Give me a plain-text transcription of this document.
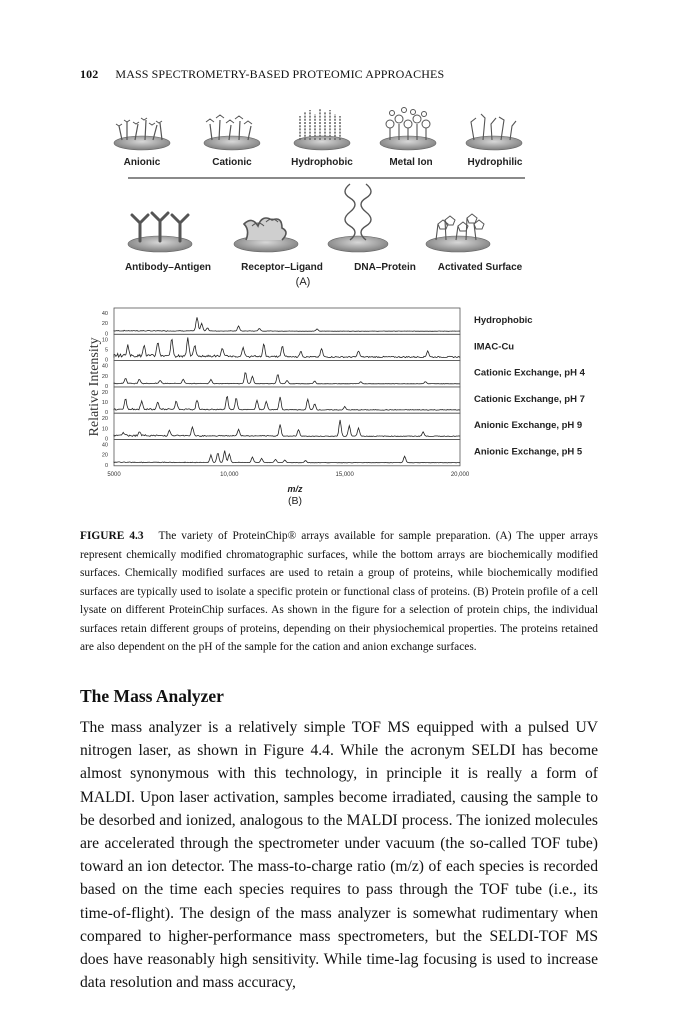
102 MASS SPECTROMETRY-BASED PROTEOMIC APPROACHES
Anionic	Cationic	Hydrophobic	Metal Ion	Hydrophilic
Antibody–Antigen	Receptor–Ligand	DNA–Protein	Activated Surface
(A)
40
20
0
Hydrophobic
10
5
0
IMAC-Cu
40
20
0
Cationic Exchange, pH 4
20
10
0
Cationic Exchange, pH 7
20
10
0
Anionic Exchange, pH 9
40
20
0
Anionic Exchange, pH 5
5000	10,000	15,000	20,000
m/z
(B)
Relative Intensity
FIGURE 4.3 The variety of ProteinChip® arrays available for sample preparation. (A) The upper arrays represent chemically modified chromatographic surfaces, while the bottom arrays are biochemically modified surfaces. Chemically modified surfaces are used to retain a group of proteins, while biochemically modified surfaces are typically used to isolate a specific protein or functional class of proteins. (B) Protein profile of a cell lysate on different ProteinChip surfaces. As shown in the figure for a selection of protein chips, the individual surfaces retain different groups of proteins, depending on their physiochemical properties. The proteins retained are also dependent on the pH of the sample for the cation and anion exchange surfaces.
The Mass Analyzer
The mass analyzer is a relatively simple TOF MS equipped with a pulsed UV nitrogen laser, as shown in Figure 4.4. While the acronym SELDI has become almost synonymous with this technology, in principle it is really a form of MALDI. Upon laser activation, samples become irradiated, causing the sample to be desorbed and ionized, analogous to the MALDI process. The ionized molecules are accelerated through the spectrometer under vacuum (the so-called TOF tube) toward an ion detector. The mass-to-charge ratio (m/z) of each species is recorded based on the time each species requires to pass through the TOF tube (i.e., its time-of-flight). The design of the mass analyzer is somewhat rudimentary when compared to higher-performance mass spectrometers, but the SELDI-TOF MS does have reasonably high sensitivity. While time-lag focusing is used to increase data resolution and mass accuracy,
